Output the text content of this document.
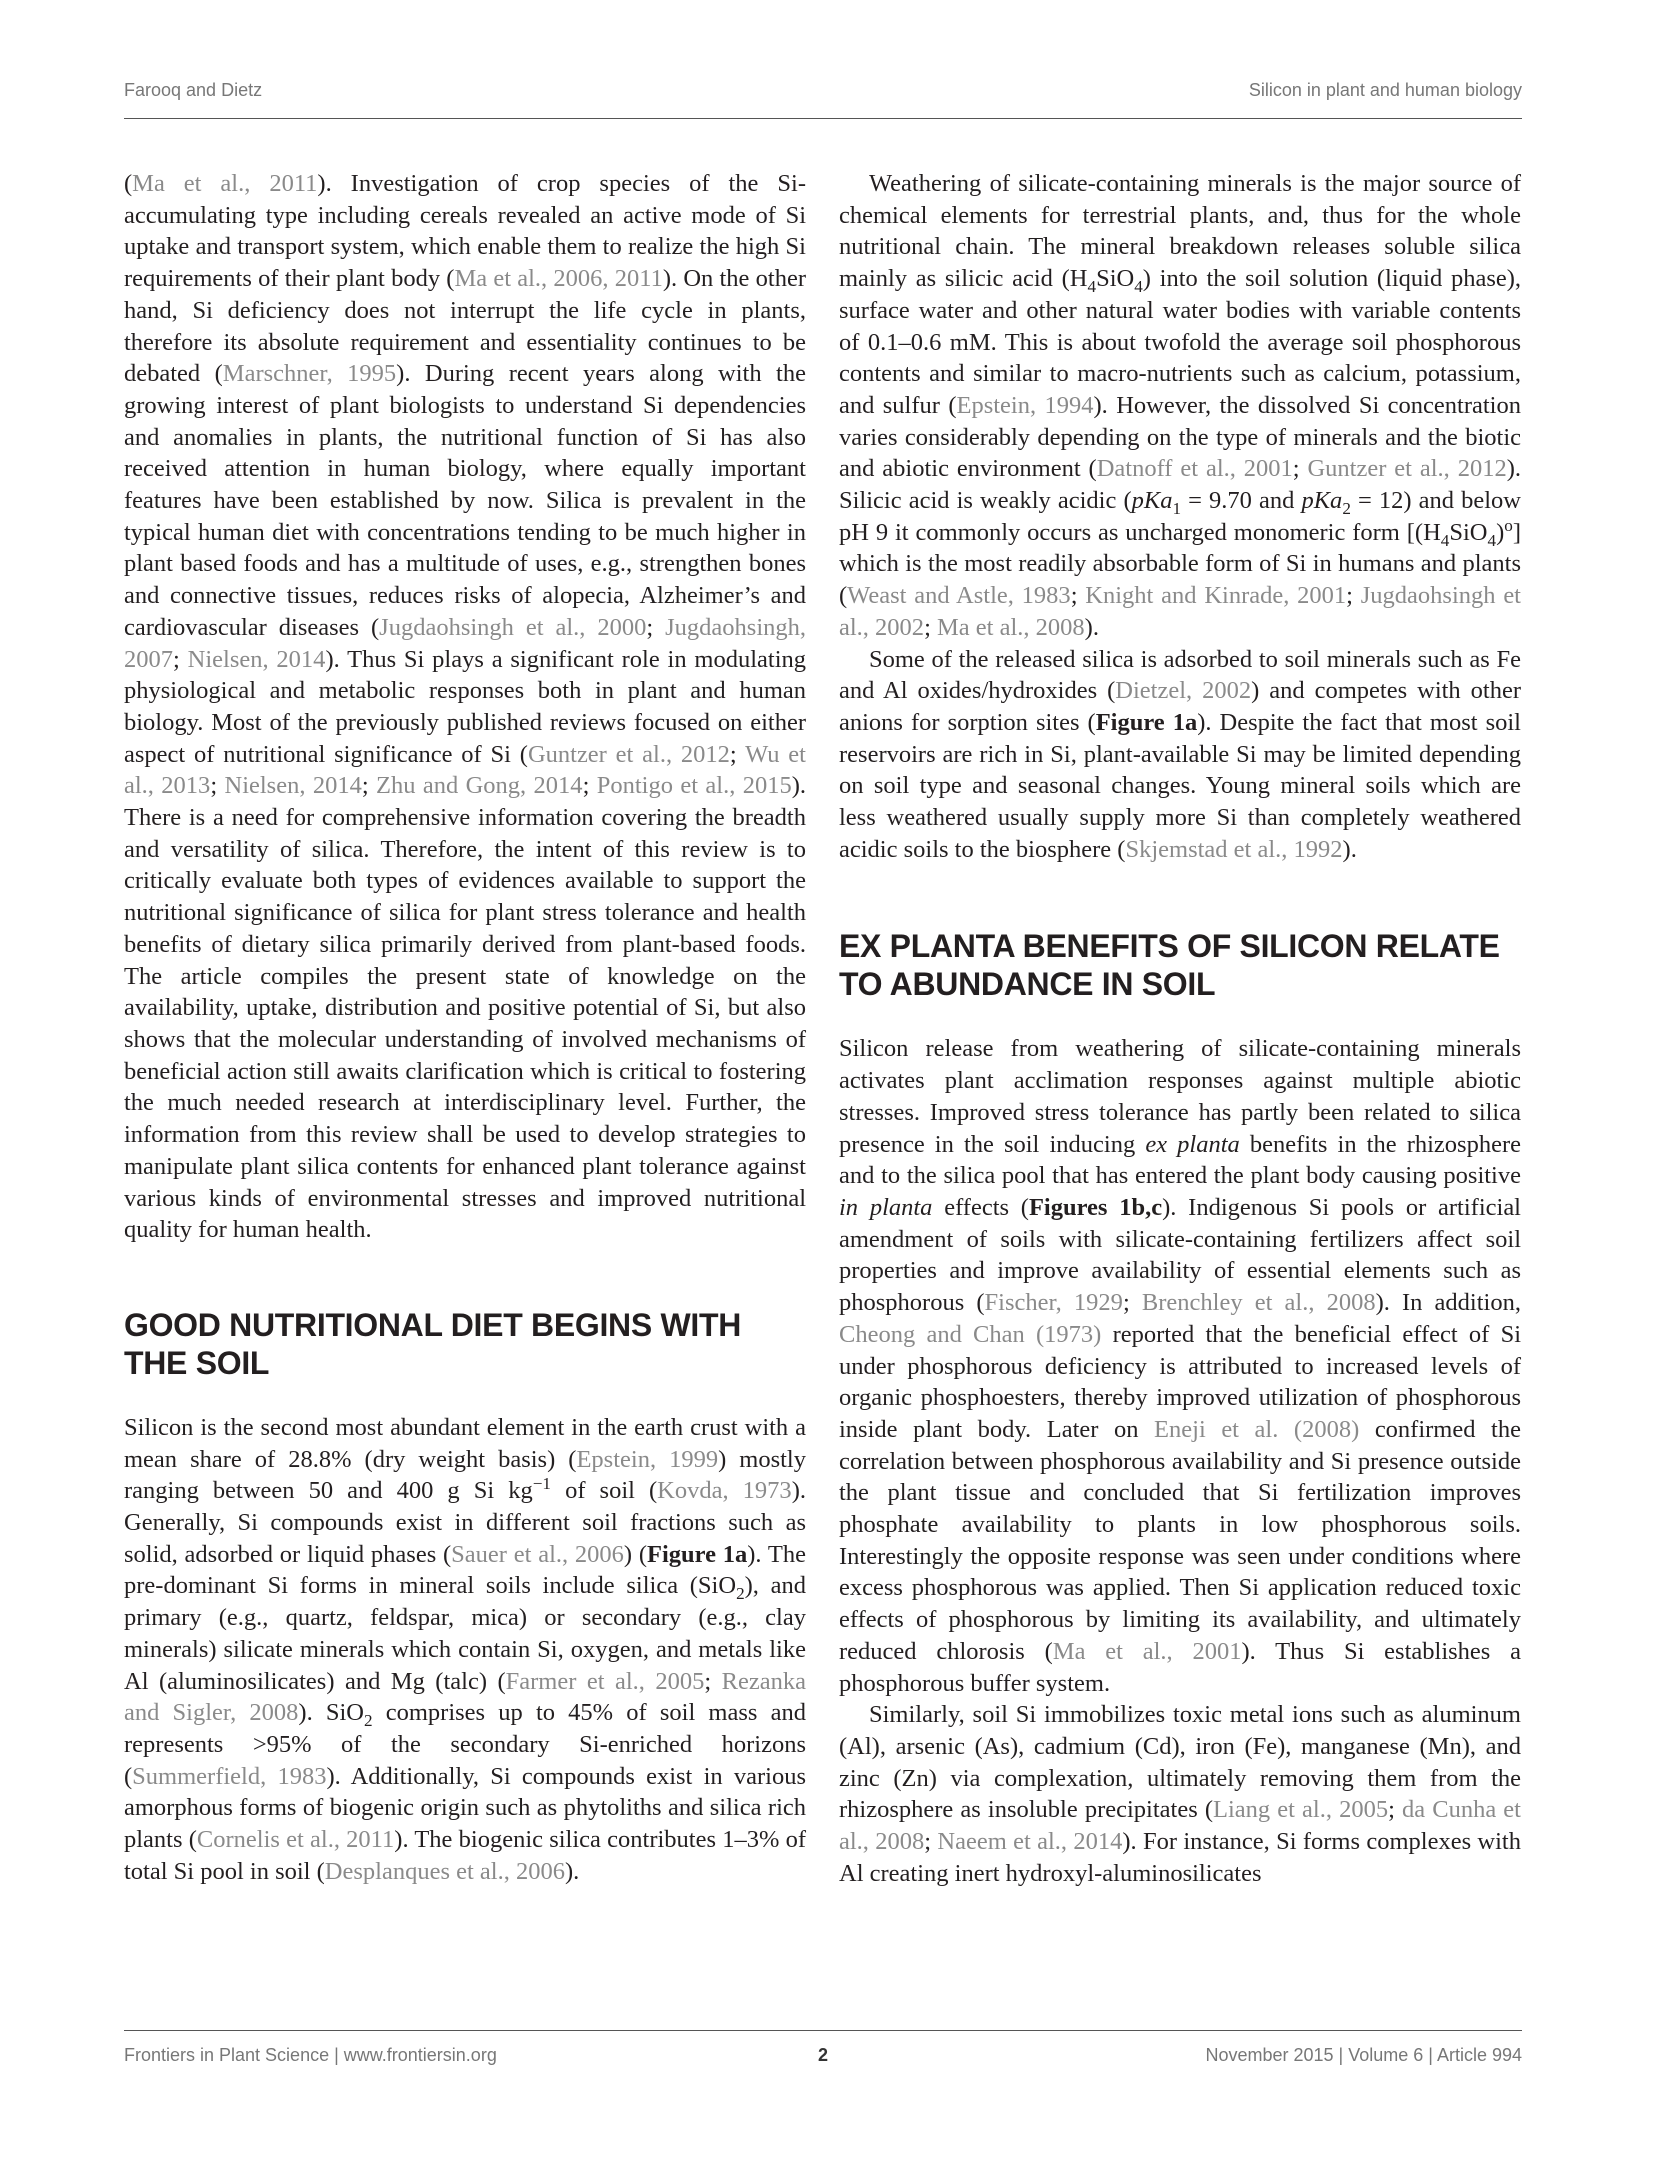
Farooq and Dietz	Silicon in plant and human biology

(Ma et al., 2011). Investigation of crop species of the Si-accumulating type including cereals revealed an active mode of Si uptake and transport system, which enable them to realize the high Si requirements of their plant body (Ma et al., 2006, 2011). On the other hand, Si deficiency does not interrupt the life cycle in plants, therefore its absolute requirement and essentiality continues to be debated (Marschner, 1995). During recent years along with the growing interest of plant biologists to understand Si dependencies and anomalies in plants, the nutritional function of Si has also received attention in human biology, where equally important features have been established by now. Silica is prevalent in the typical human diet with concentrations tending to be much higher in plant based foods and has a multitude of uses, e.g., strengthen bones and connective tissues, reduces risks of alopecia, Alzheimer’s and cardiovascular diseases (Jugdaohsingh et al., 2000; Jugdaohsingh, 2007; Nielsen, 2014). Thus Si plays a significant role in modulating physiological and metabolic responses both in plant and human biology. Most of the previously published reviews focused on either aspect of nutritional significance of Si (Guntzer et al., 2012; Wu et al., 2013; Nielsen, 2014; Zhu and Gong, 2014; Pontigo et al., 2015). There is a need for comprehensive information covering the breadth and versatility of silica. Therefore, the intent of this review is to critically evaluate both types of evidences available to support the nutritional significance of silica for plant stress tolerance and health benefits of dietary silica primarily derived from plant-based foods. The article compiles the present state of knowledge on the availability, uptake, distribution and positive potential of Si, but also shows that the molecular understanding of involved mechanisms of beneficial action still awaits clarification which is critical to fostering the much needed research at interdisciplinary level. Further, the information from this review shall be used to develop strategies to manipulate plant silica contents for enhanced plant tolerance against various kinds of environmental stresses and improved nutritional quality for human health.

GOOD NUTRITIONAL DIET BEGINS WITH THE SOIL

Silicon is the second most abundant element in the earth crust with a mean share of 28.8% (dry weight basis) (Epstein, 1999) mostly ranging between 50 and 400 g Si $kg^{-1}$ of soil (Kovda, 1973). Generally, Si compounds exist in different soil fractions such as solid, adsorbed or liquid phases (Sauer et al., 2006) (Figure 1a). The pre-dominant Si forms in mineral soils include silica (SiO$_2$), and primary (e.g., quartz, feldspar, mica) or secondary (e.g., clay minerals) silicate minerals which contain Si, oxygen, and metals like Al (aluminosilicates) and Mg (talc) (Farmer et al., 2005; Rezanka and Sigler, 2008). SiO$_2$ comprises up to 45% of soil mass and represents >95% of the secondary Si-enriched horizons (Summerfield, 1983). Additionally, Si compounds exist in various amorphous forms of biogenic origin such as phytoliths and silica rich plants (Cornelis et al., 2011). The biogenic silica contributes 1–3% of total Si pool in soil (Desplanques et al., 2006).

Weathering of silicate-containing minerals is the major source of chemical elements for terrestrial plants, and, thus for the whole nutritional chain. The mineral breakdown releases soluble silica mainly as silicic acid $(H_4SiO_4)$ into the soil solution (liquid phase), surface water and other natural water bodies with variable contents of 0.1–0.6 mM. This is about twofold the average soil phosphorous contents and similar to macro-nutrients such as calcium, potassium, and sulfur (Epstein, 1994). However, the dissolved Si concentration varies considerably depending on the type of minerals and the biotic and abiotic environment (Datnoff et al., 2001; Guntzer et al., 2012). Silicic acid is weakly acidic (pKa$_1$ = 9.70 and pKa$_2$ = 12) and below pH 9 it commonly occurs as uncharged monomeric form $[(H_4SiO_4)^o]$ which is the most readily absorbable form of Si in humans and plants (Weast and Astle, 1983; Knight and Kinrade, 2001; Jugdaohsingh et al., 2002; Ma et al., 2008).

Some of the released silica is adsorbed to soil minerals such as Fe and Al oxides/hydroxides (Dietzel, 2002) and competes with other anions for sorption sites (Figure 1a). Despite the fact that most soil reservoirs are rich in Si, plant-available Si may be limited depending on soil type and seasonal changes. Young mineral soils which are less weathered usually supply more Si than completely weathered acidic soils to the biosphere (Skjemstad et al., 1992).

EX PLANTA BENEFITS OF SILICON RELATE TO ABUNDANCE IN SOIL

Silicon release from weathering of silicate-containing minerals activates plant acclimation responses against multiple abiotic stresses. Improved stress tolerance has partly been related to silica presence in the soil inducing ex planta benefits in the rhizosphere and to the silica pool that has entered the plant body causing positive in planta effects (Figures 1b,c). Indigenous Si pools or artificial amendment of soils with silicate-containing fertilizers affect soil properties and improve availability of essential elements such as phosphorous (Fischer, 1929; Brenchley et al., 2008). In addition, Cheong and Chan (1973) reported that the beneficial effect of Si under phosphorous deficiency is attributed to increased levels of organic phosphoesters, thereby improved utilization of phosphorous inside plant body. Later on Eneji et al. (2008) confirmed the correlation between phosphorous availability and Si presence outside the plant tissue and concluded that Si fertilization improves phosphate availability to plants in low phosphorous soils. Interestingly the opposite response was seen under conditions where excess phosphorous was applied. Then Si application reduced toxic effects of phosphorous by limiting its availability, and ultimately reduced chlorosis (Ma et al., 2001). Thus Si establishes a phosphorous buffer system.

Similarly, soil Si immobilizes toxic metal ions such as aluminum (Al), arsenic (As), cadmium (Cd), iron (Fe), manganese (Mn), and zinc (Zn) via complexation, ultimately removing them from the rhizosphere as insoluble precipitates (Liang et al., 2005; da Cunha et al., 2008; Naeem et al., 2014). For instance, Si forms complexes with Al creating inert hydroxyl-aluminosilicates

Frontiers in Plant Science | www.frontiersin.org	2	November 2015 | Volume 6 | Article 994
